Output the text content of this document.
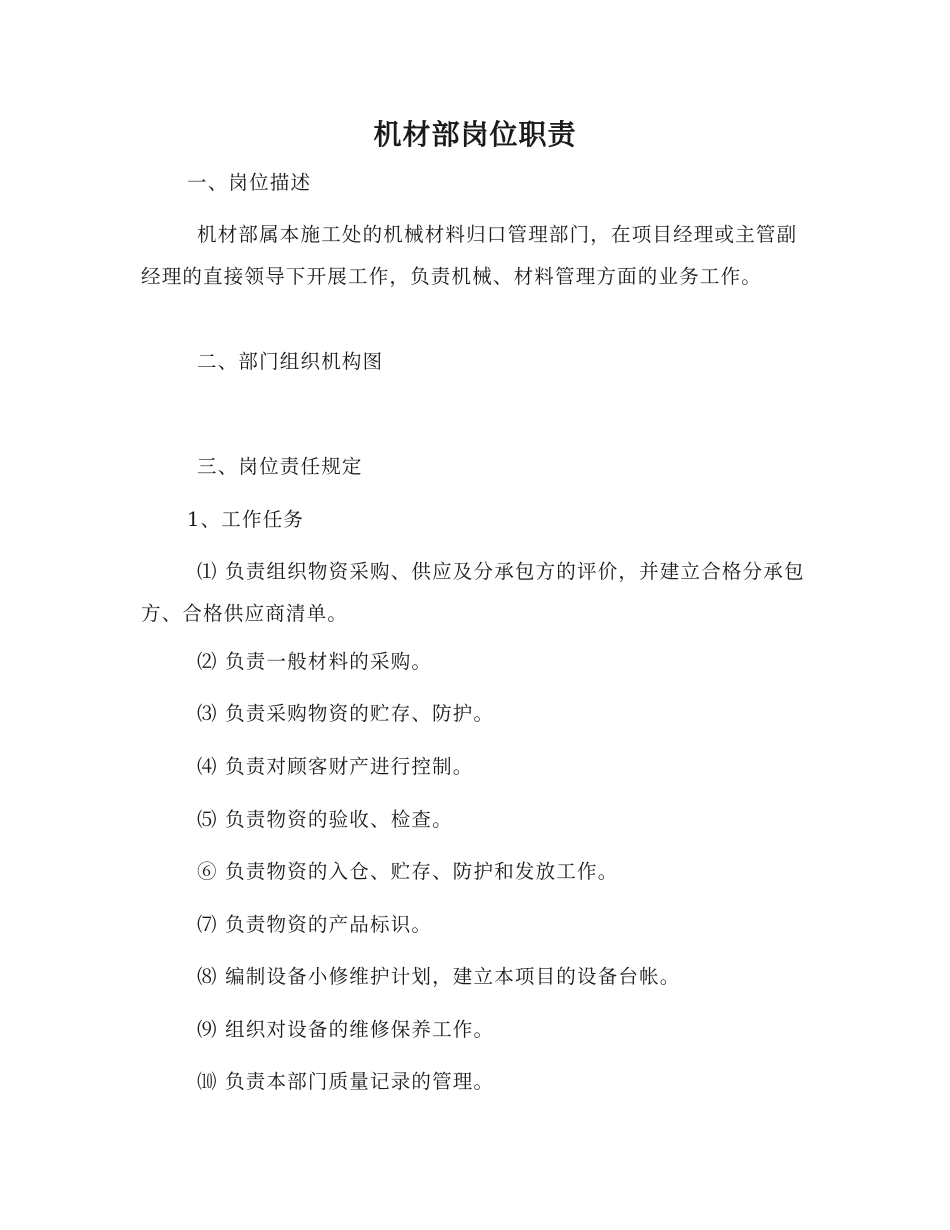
机材部岗位职责
一、岗位描述
机材部属本施工处的机械材料归口管理部门，在项目经理或主管副经理的直接领导下开展工作，负责机械、材料管理方面的业务工作。
二、部门组织机构图
三、岗位责任规定
1、工作任务
⑴ 负责组织物资采购、供应及分承包方的评价，并建立合格分承包方、合格供应商清单。
⑵ 负责一般材料的采购。
⑶ 负责采购物资的贮存、防护。
⑷ 负责对顾客财产进行控制。
⑸ 负责物资的验收、检查。
⑥ 负责物资的入仓、贮存、防护和发放工作。
⑺ 负责物资的产品标识。
⑻ 编制设备小修维护计划，建立本项目的设备台帐。
⑼ 组织对设备的维修保养工作。
⑽ 负责本部门质量记录的管理。
